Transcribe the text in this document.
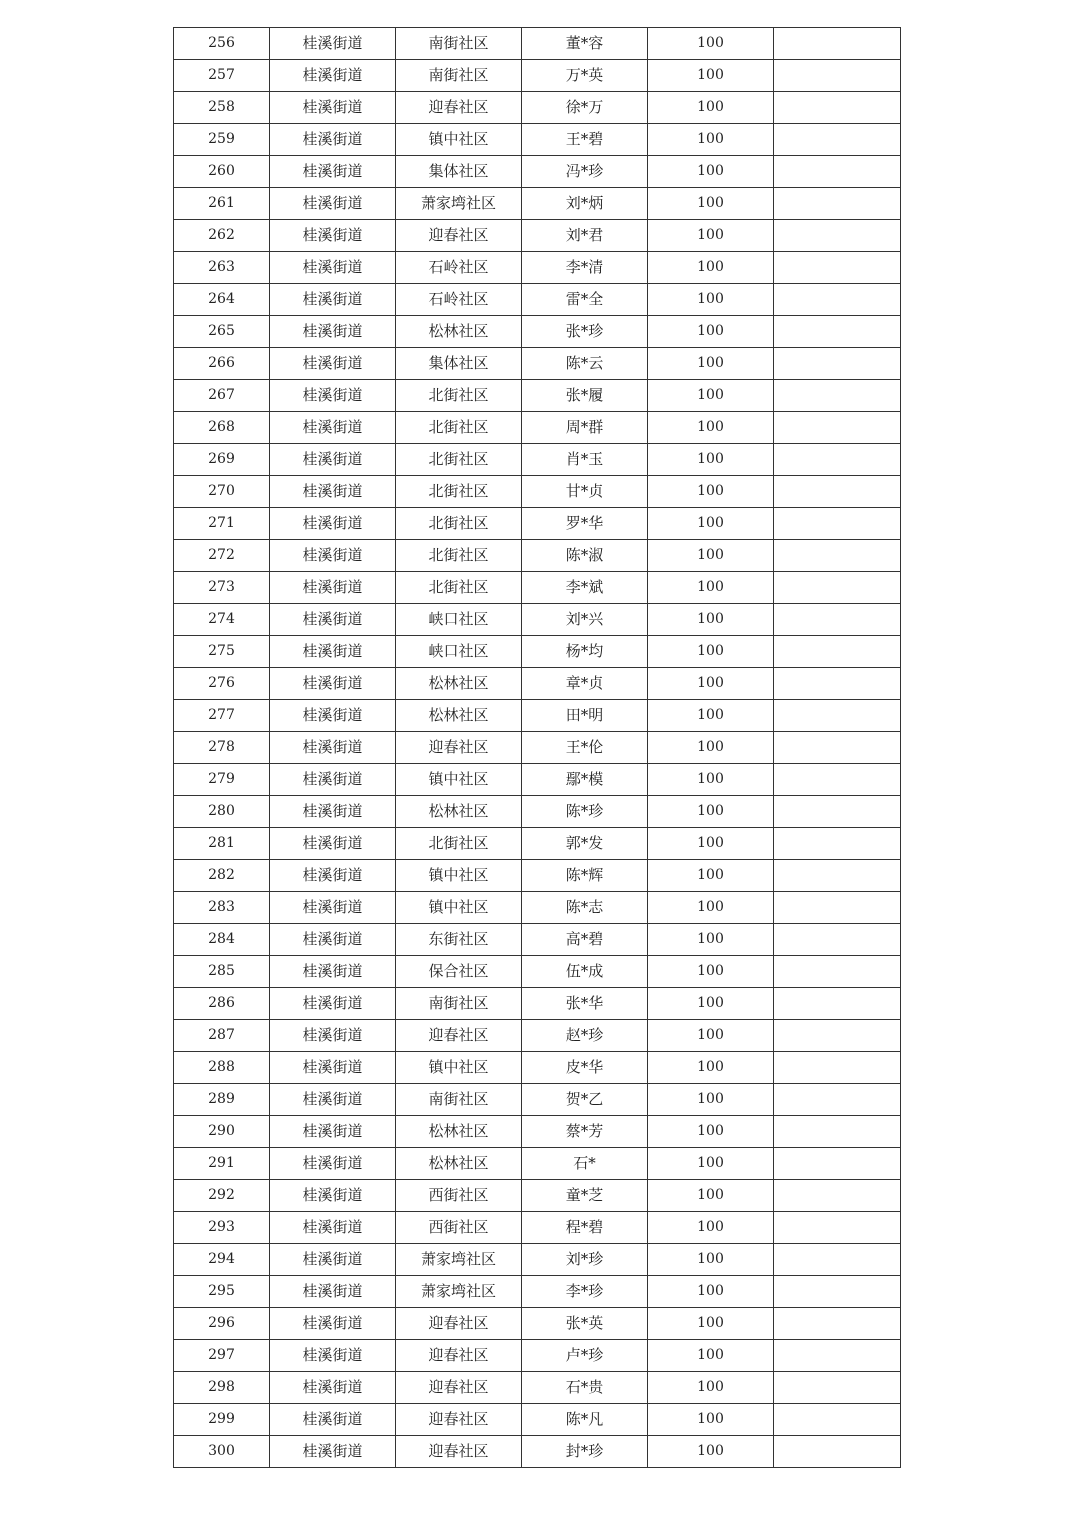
256	桂溪街道	南街社区	董*容	100	
257	桂溪街道	南街社区	万*英	100	
258	桂溪街道	迎春社区	徐*万	100	
259	桂溪街道	镇中社区	王*碧	100	
260	桂溪街道	集体社区	冯*珍	100	
261	桂溪街道	萧家塆社区	刘*炳	100	
262	桂溪街道	迎春社区	刘*君	100	
263	桂溪街道	石岭社区	李*清	100	
264	桂溪街道	石岭社区	雷*全	100	
265	桂溪街道	松林社区	张*珍	100	
266	桂溪街道	集体社区	陈*云	100	
267	桂溪街道	北街社区	张*履	100	
268	桂溪街道	北街社区	周*群	100	
269	桂溪街道	北街社区	肖*玉	100	
270	桂溪街道	北街社区	甘*贞	100	
271	桂溪街道	北街社区	罗*华	100	
272	桂溪街道	北街社区	陈*淑	100	
273	桂溪街道	北街社区	李*斌	100	
274	桂溪街道	峡口社区	刘*兴	100	
275	桂溪街道	峡口社区	杨*均	100	
276	桂溪街道	松林社区	章*贞	100	
277	桂溪街道	松林社区	田*明	100	
278	桂溪街道	迎春社区	王*伦	100	
279	桂溪街道	镇中社区	鄢*模	100	
280	桂溪街道	松林社区	陈*珍	100	
281	桂溪街道	北街社区	郭*发	100	
282	桂溪街道	镇中社区	陈*辉	100	
283	桂溪街道	镇中社区	陈*志	100	
284	桂溪街道	东街社区	高*碧	100	
285	桂溪街道	保合社区	伍*成	100	
286	桂溪街道	南街社区	张*华	100	
287	桂溪街道	迎春社区	赵*珍	100	
288	桂溪街道	镇中社区	皮*华	100	
289	桂溪街道	南街社区	贺*乙	100	
290	桂溪街道	松林社区	蔡*芳	100	
291	桂溪街道	松林社区	石*	100	
292	桂溪街道	西街社区	童*芝	100	
293	桂溪街道	西街社区	程*碧	100	
294	桂溪街道	萧家塆社区	刘*珍	100	
295	桂溪街道	萧家塆社区	李*珍	100	
296	桂溪街道	迎春社区	张*英	100	
297	桂溪街道	迎春社区	卢*珍	100	
298	桂溪街道	迎春社区	石*贵	100	
299	桂溪街道	迎春社区	陈*凡	100	
300	桂溪街道	迎春社区	封*珍	100	
